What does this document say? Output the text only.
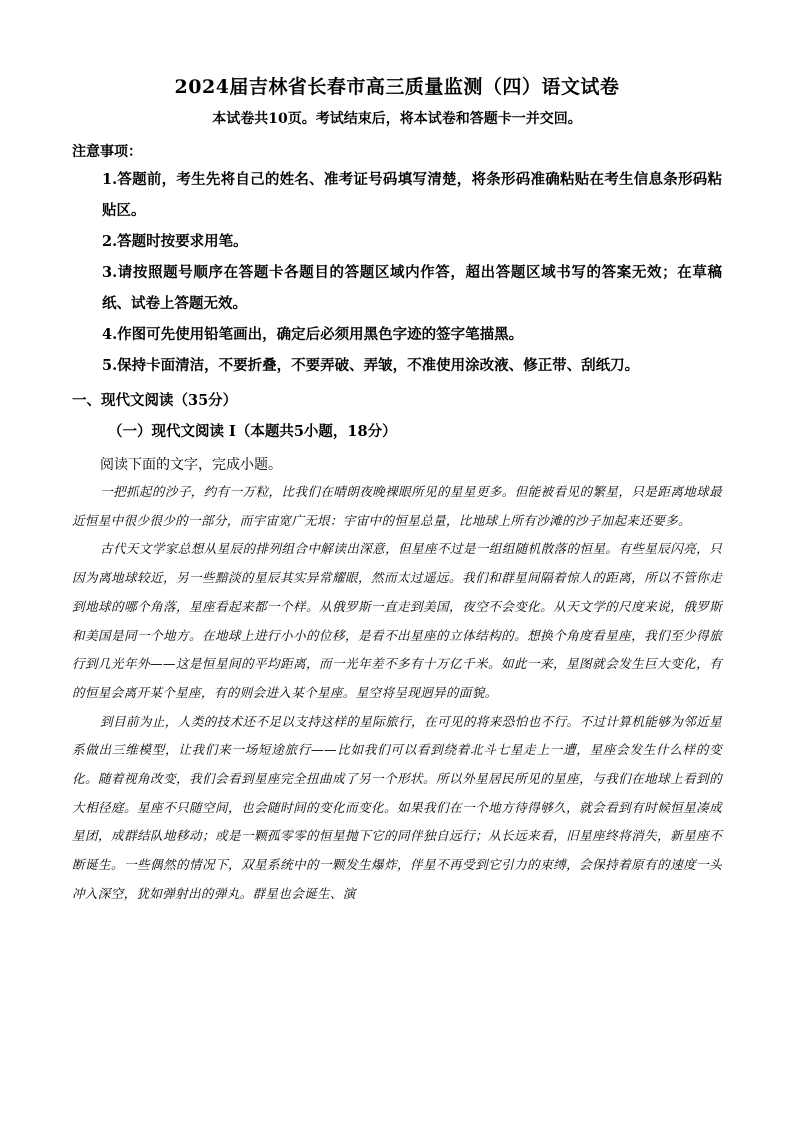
2024届吉林省长春市高三质量监测（四）语文试卷
本试卷共10页。考试结束后，将本试卷和答题卡一并交回。
注意事项：
1.答题前，考生先将自己的姓名、准考证号码填写清楚，将条形码准确粘贴在考生信息条形码粘贴区。
2.答题时按要求用笔。
3.请按照题号顺序在答题卡各题目的答题区域内作答，超出答题区域书写的答案无效；在草稿纸、试卷上答题无效。
4.作图可先使用铅笔画出，确定后必须用黑色字迹的签字笔描黑。
5.保持卡面清洁，不要折叠，不要弄破、弄皱，不准使用涂改液、修正带、刮纸刀。
一、现代文阅读（35分）
（一）现代文阅读 I（本题共5小题，18分）
阅读下面的文字，完成小题。

一把抓起的沙子，约有一万粒，比我们在晴朗夜晚裸眼所见的星星更多。但能被看见的繁星，只是距离地球最近恒星中很少很少的一部分，而宇宙宽广无垠：宇宙中的恒星总量，比地球上所有沙滩的沙子加起来还要多。

古代天文学家总想从星辰的排列组合中解读出深意，但星座不过是一组组随机散落的恒星。有些星辰闪亮，只因为离地球较近，另一些黯淡的星辰其实异常耀眼，然而太过遥远。我们和群星间隔着惊人的距离，所以不管你走到地球的哪个角落，星座看起来都一个样。从俄罗斯一直走到美国，夜空不会变化。从天文学的尺度来说，俄罗斯和美国是同一个地方。在地球上进行小小的位移，是看不出星座的立体结构的。想换个角度看星座，我们至少得旅行到几光年外——这是恒星间的平均距离，而一光年差不多有十万亿千米。如此一来，星图就会发生巨大变化，有的恒星会离开某个星座，有的则会进入某个星座。星空将呈现迥异的面貌。

到目前为止，人类的技术还不足以支持这样的星际旅行，在可见的将来恐怕也不行。不过计算机能够为邻近星系做出三维模型，让我们来一场短途旅行——比如我们可以看到绕着北斗七星走上一遭，星座会发生什么样的变化。随着视角改变，我们会看到星座完全扭曲成了另一个形状。所以外星居民所见的星座，与我们在地球上看到的大相径庭。星座不只随空间，也会随时间的变化而变化。如果我们在一个地方待得够久，就会看到有时候恒星凑成星团，成群结队地移动；或是一颗孤零零的恒星抛下它的同伴独自远行；从长远来看，旧星座终将消失，新星座不断诞生。一些偶然的情况下，双星系统中的一颗发生爆炸，伴星不再受到它引力的束缚，会保持着原有的速度一头冲入深空，犹如弹射出的弹丸。群星也会诞生、演
